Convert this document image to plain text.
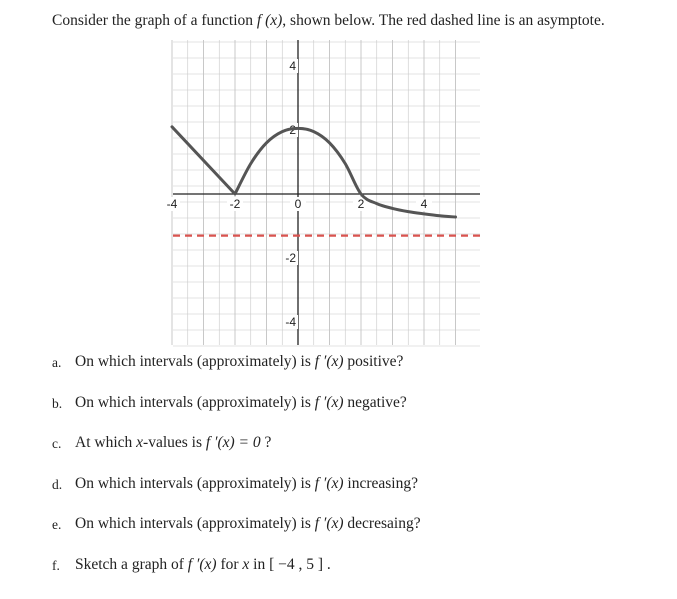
Consider the graph of a function f (x), shown below. The red dashed line is an asymptote.
-4	-2	0	2	4
4
2
-2
-4
a. On which intervals (approximately) is f ′(x) positive?
b. On which intervals (approximately) is f ′(x) negative?
c. At which x-values is f ′(x) = 0 ?
d. On which intervals (approximately) is f ′(x) increasing?
e. On which intervals (approximately) is f ′(x) decresaing?
f. Sketch a graph of f ′(x) for x in [ −4 , 5 ] .
